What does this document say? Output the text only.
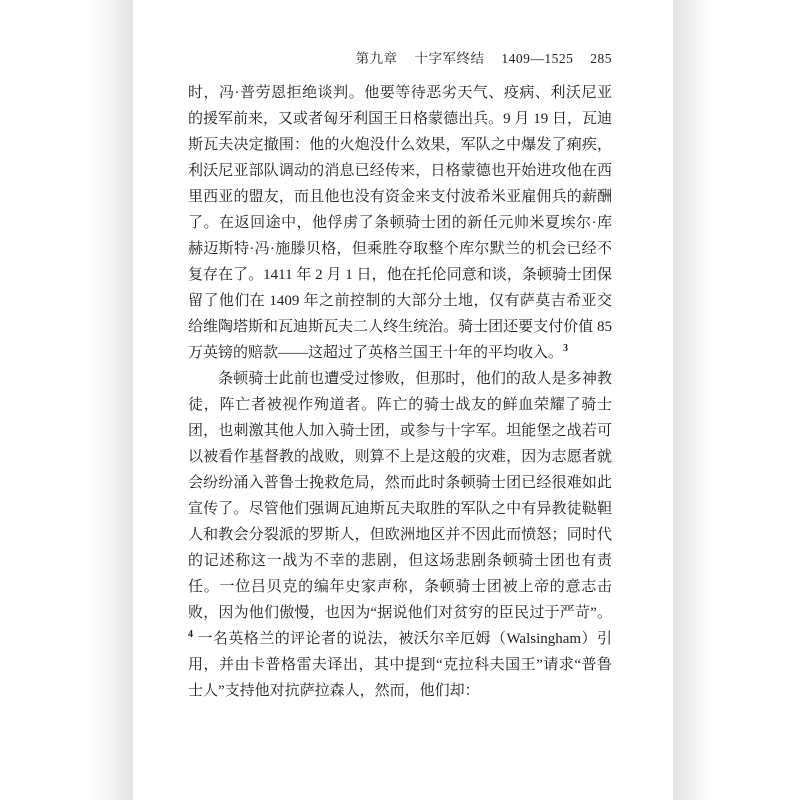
第九章 十字军终结 1409—1525 285

时，冯·普劳恩拒绝谈判。他要等待恶劣天气、疫病、利沃尼亚的援军前来，又或者匈牙利国王日格蒙德出兵。9 月 19 日，瓦迪斯瓦夫决定撤围：他的火炮没什么效果，军队之中爆发了痢疾，利沃尼亚部队调动的消息已经传来，日格蒙德也开始进攻他在西里西亚的盟友，而且他也没有资金来支付波希米亚雇佣兵的薪酬了。在返回途中，他俘虏了条顿骑士团的新任元帅米夏埃尔·库赫迈斯特·冯·施滕贝格，但乘胜夺取整个库尔默兰的机会已经不复存在了。1411 年 2 月 1 日，他在托伦同意和谈，条顿骑士团保留了他们在 1409 年之前控制的大部分土地，仅有萨莫吉希亚交给维陶塔斯和瓦迪斯瓦夫二人终生统治。骑士团还要支付价值 85 万英镑的赔款——这超过了英格兰国王十年的平均收入。$^3$

条顿骑士此前也遭受过惨败，但那时，他们的敌人是多神教徒，阵亡者被视作殉道者。阵亡的骑士战友的鲜血荣耀了骑士团，也刺激其他人加入骑士团，或参与十字军。坦能堡之战若可以被看作基督教的战败，则算不上是这般的灾难，因为志愿者就会纷纷涌入普鲁士挽救危局，然而此时条顿骑士团已经很难如此宣传了。尽管他们强调瓦迪斯瓦夫取胜的军队之中有异教徒鞑靼人和教会分裂派的罗斯人，但欧洲地区并不因此而愤怒；同时代的记述称这一战为不幸的悲剧，但这场悲剧条顿骑士团也有责任。一位吕贝克的编年史家声称，条顿骑士团被上帝的意志击败，因为他们傲慢，也因为“据说他们对贫穷的臣民过于严苛”。$^4$ 一名英格兰的评论者的说法，被沃尔辛厄姆（Walsingham）引用，并由卡普格雷夫译出，其中提到“克拉科夫国王”请求“普鲁士人”支持他对抗萨拉森人，然而，他们却：
